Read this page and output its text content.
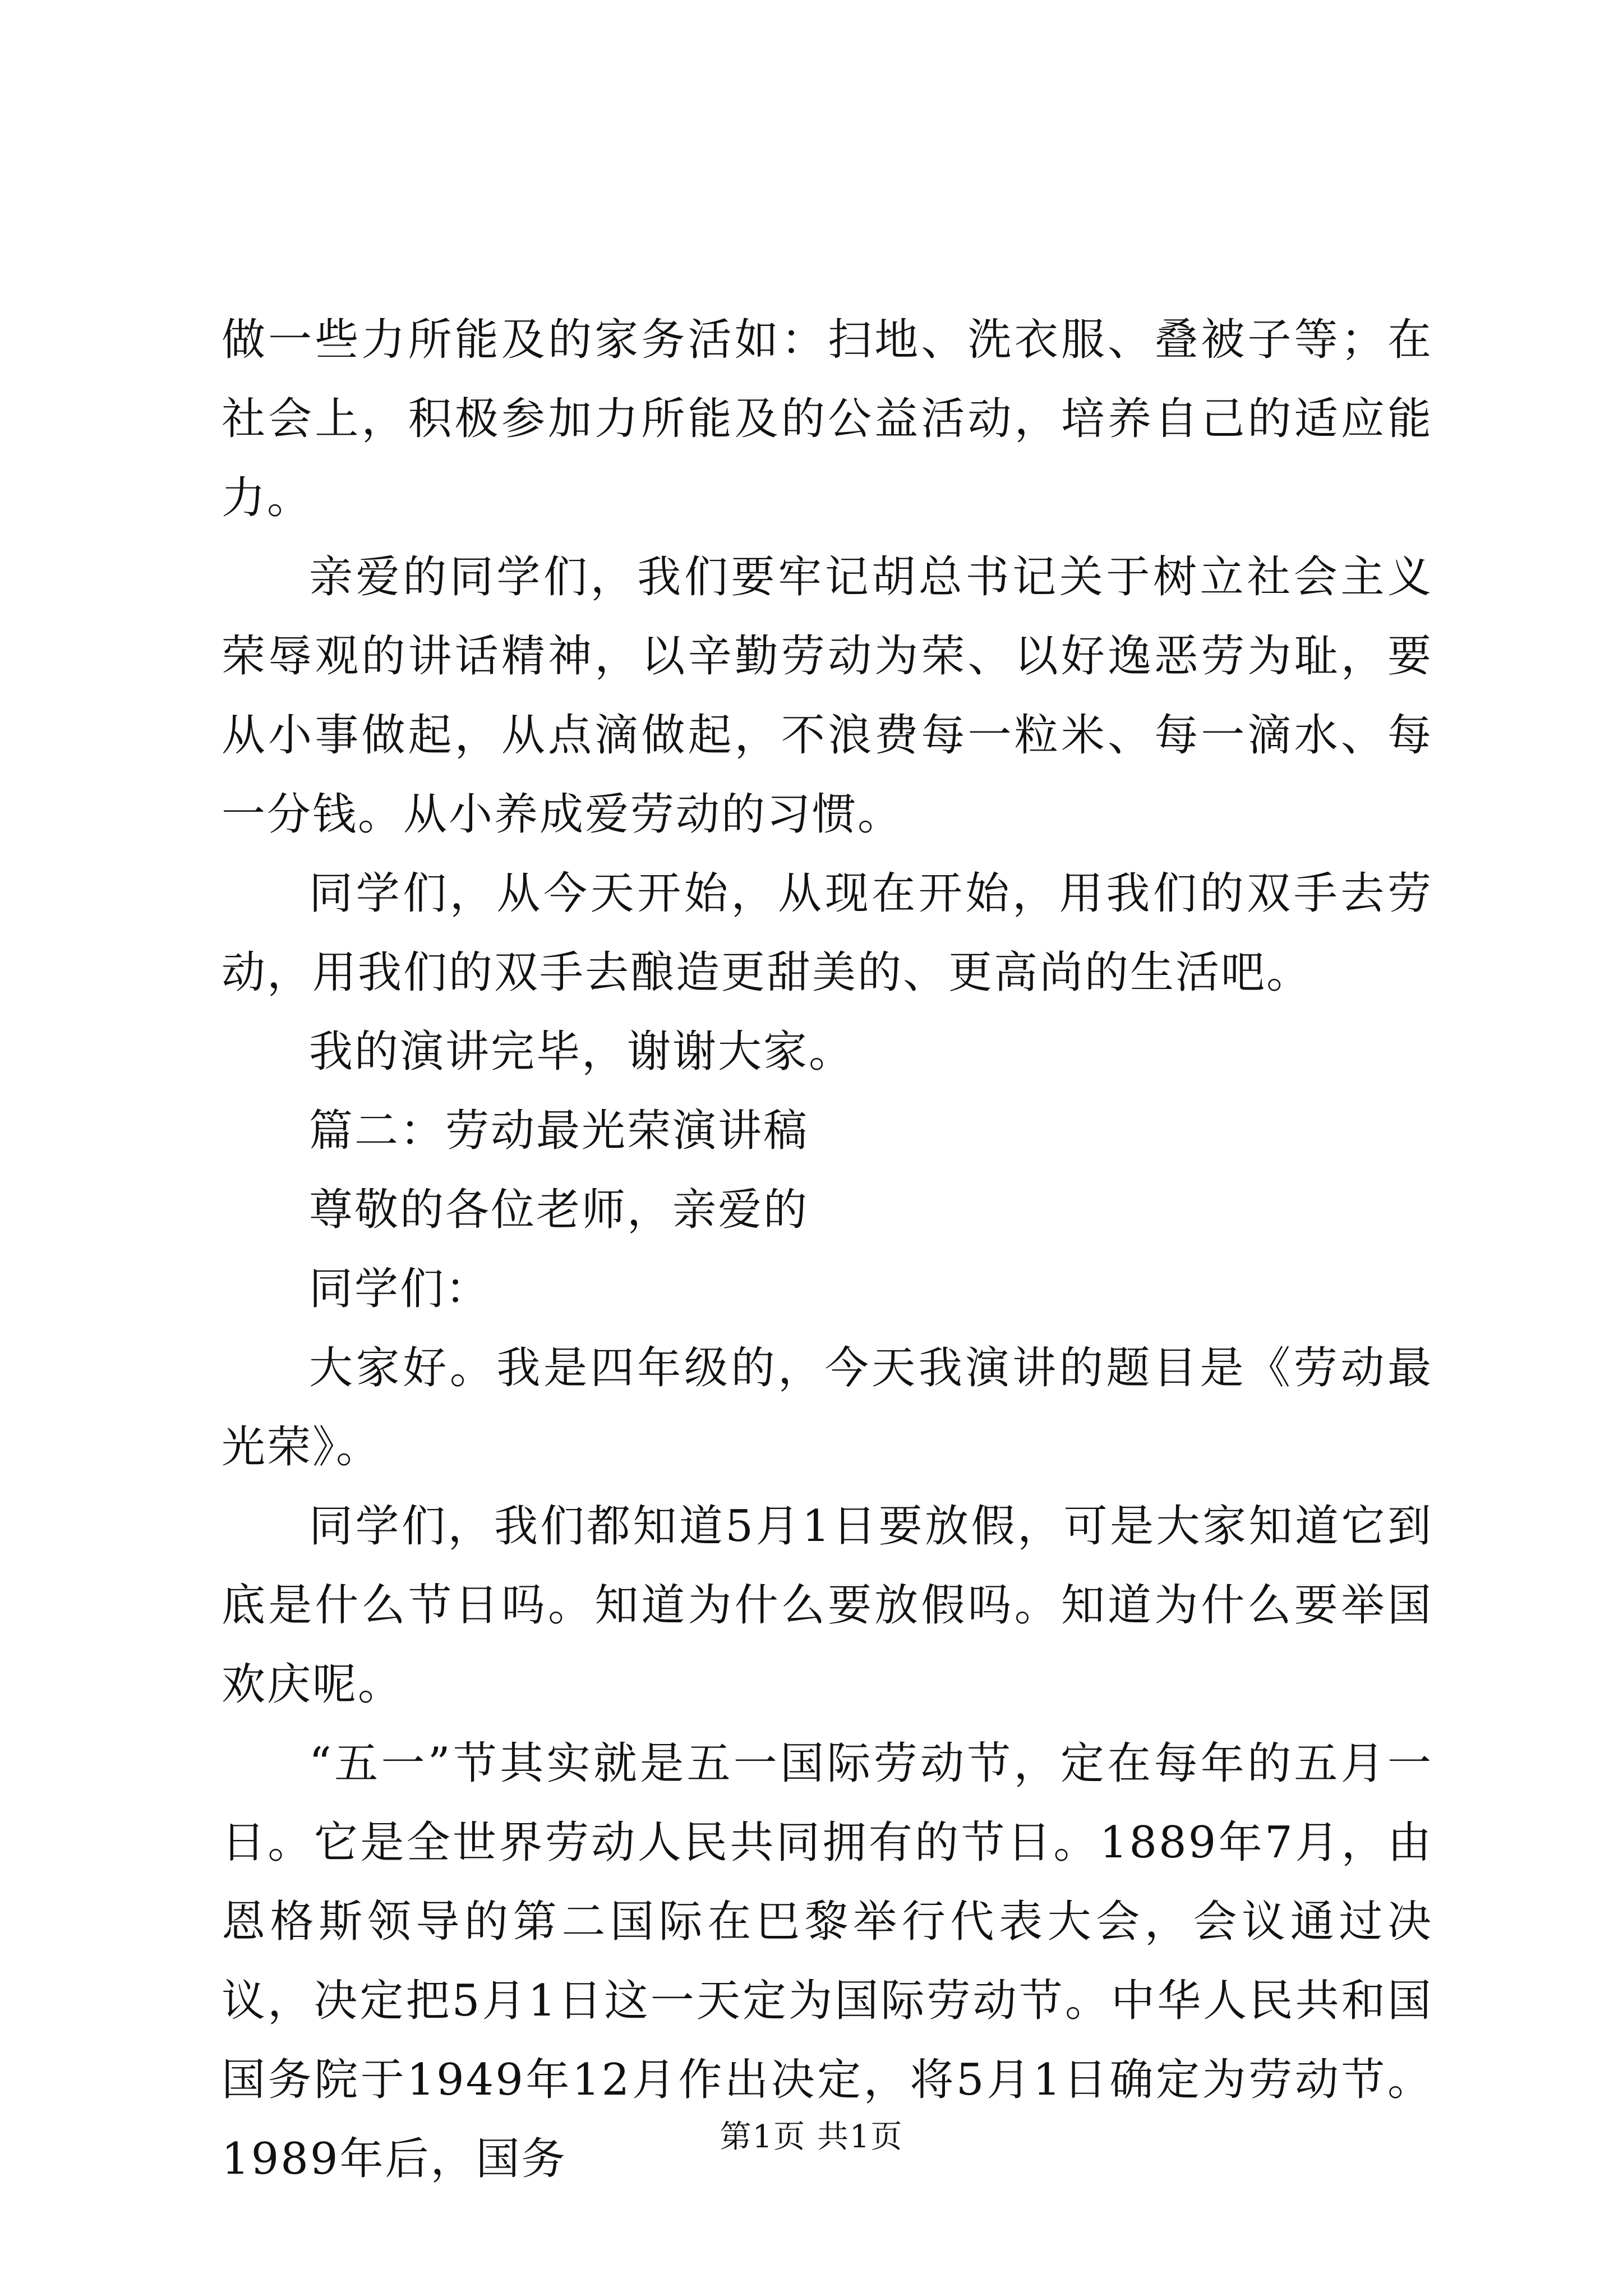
做一些力所能及的家务活如：扫地、洗衣服、叠被子等；在社会上，积极参加力所能及的公益活动，培养自己的适应能力。

亲爱的同学们，我们要牢记胡总书记关于树立社会主义荣辱观的讲话精神，以辛勤劳动为荣、以好逸恶劳为耻，要从小事做起，从点滴做起，不浪费每一粒米、每一滴水、每一分钱。从小养成爱劳动的习惯。

同学们，从今天开始，从现在开始，用我们的双手去劳动，用我们的双手去酿造更甜美的、更高尚的生活吧。

我的演讲完毕，谢谢大家。

篇二：劳动最光荣演讲稿

尊敬的各位老师，亲爱的

同学们：

大家好。我是四年级的，今天我演讲的题目是《劳动最光荣》。

同学们，我们都知道5月1日要放假，可是大家知道它到底是什么节日吗。知道为什么要放假吗。知道为什么要举国欢庆呢。

“五一”节其实就是五一国际劳动节，定在每年的五月一日。它是全世界劳动人民共同拥有的节日。1889年7月，由恩格斯领导的第二国际在巴黎举行代表大会，会议通过决议，决定把5月1日这一天定为国际劳动节。中华人民共和国国务院于1949年12月作出决定，将5月1日确定为劳动节。1989年后，国务	第1页 共1页
